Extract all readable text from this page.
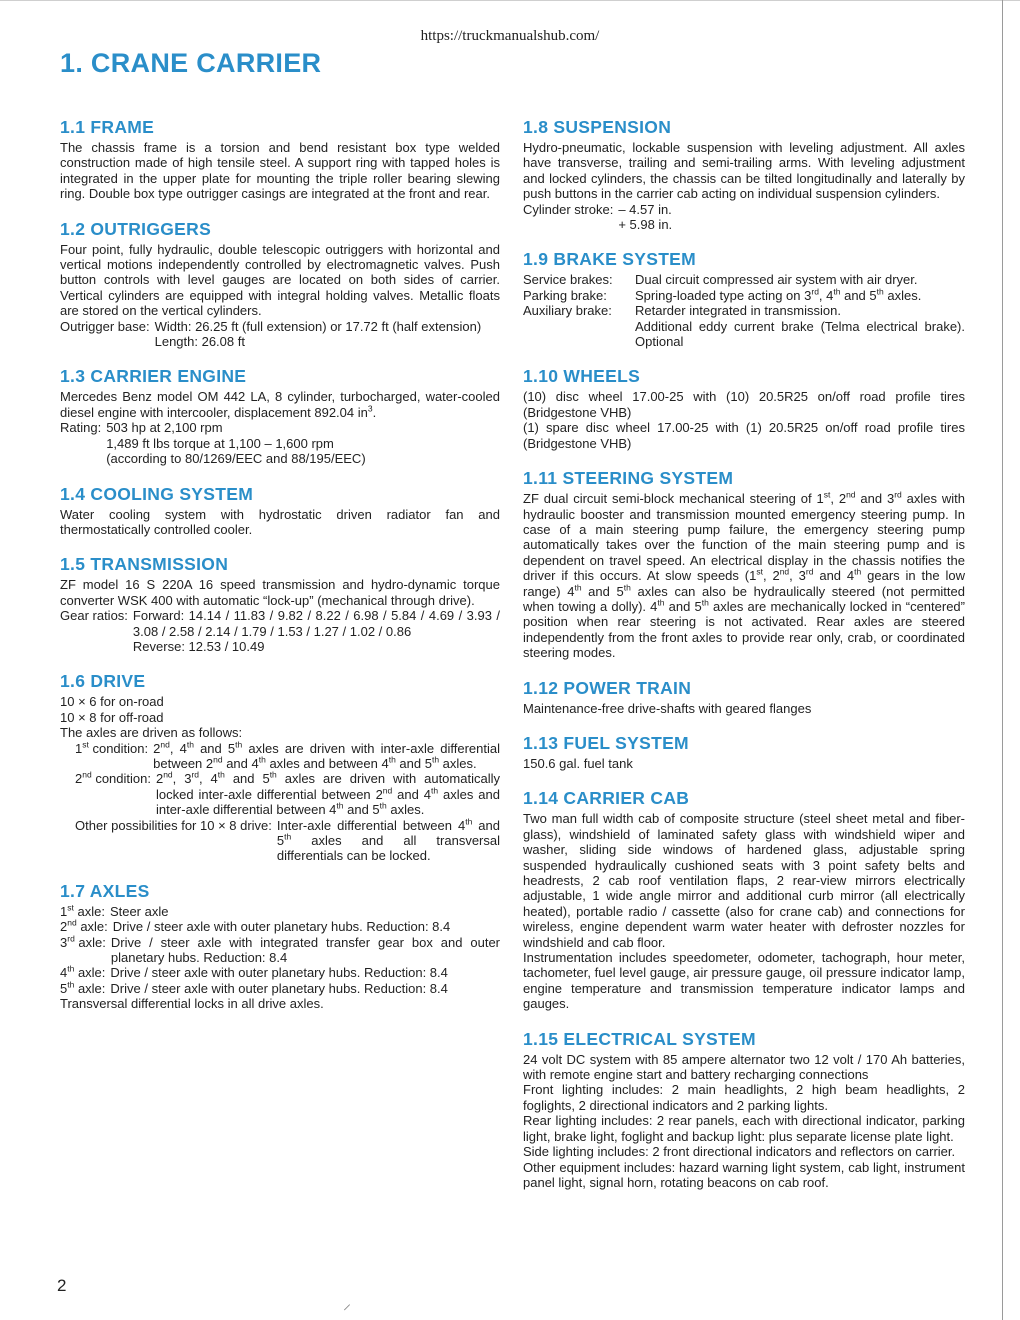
https://truckmanualshub.com/
1. CRANE CARRIER
1.1 FRAME

The chassis frame is a torsion and bend resistant box type welded construction made of high tensile steel. A support ring with tapped holes is integrated in the upper plate for mounting the triple roller bearing slewing ring. Double box type outrigger casings are integrated at the front and rear.

1.2 OUTRIGGERS

Four point, fully hydraulic, double telescopic outriggers with horizontal and vertical motions independently controlled by electromagnetic valves. Push button controls with level gauges are located on both sides of carrier. Vertical cylinders are equipped with integral holding valves. Metallic floats are stored on the vertical cylinders.

Outrigger base: Width: 26.25 ft (full extension) or 17.72 ft (half extension)
Length: 26.08 ft
1.3 CARRIER ENGINE

Mercedes Benz model OM 442 LA, 8 cylinder, turbocharged, water-cooled diesel engine with intercooler, displacement 892.04 $in^3$.

Rating: 503 hp at 2,100 rpm
1,489 ft lbs torque at 1,100 – 1,600 rpm
(according to 80/1269/EEC and 88/195/EEC)
1.4 COOLING SYSTEM

Water cooling system with hydrostatic driven radiator fan and thermostatically controlled cooler.

1.5 TRANSMISSION

ZF model 16 S 220A 16 speed transmission and hydro-dynamic torque converter WSK 400 with automatic “lock-up” (mechanical through drive).

Gear ratios: Forward: 14.14 / 11.83 / 9.82 / 8.22 / 6.98 / 5.84 / 4.69 / 3.93 / 3.08 / 2.58 / 2.14 / 1.79 / 1.53 / 1.27 / 1.02 / 0.86
Reverse: 12.53 / 10.49
1.6 DRIVE
10 × 6 for on-road
10 × 8 for off-road
The axles are driven as follows:
1st condition: 2nd, 4th and 5th axles are driven with inter-axle differential between 2nd and 4th axles and between 4th and 5th axles.
2nd condition: 2nd, 3rd, 4th and 5th axles are driven with automatically locked inter-axle differential between 2nd and 4th axles and inter-axle differential between 4th and 5th axles.
Other possibilities for 10 × 8 drive: Inter-axle differential between 4th and 5th axles and all transversal differentials can be locked.
1.7 AXLES
1st axle: Steer axle
2nd axle: Drive / steer axle with outer planetary hubs. Reduction: 8.4
3rd axle: Drive / steer axle with integrated transfer gear box and outer planetary hubs. Reduction: 8.4
4th axle: Drive / steer axle with outer planetary hubs. Reduction: 8.4
5th axle: Drive / steer axle with outer planetary hubs. Reduction: 8.4

Transversal differential locks in all drive axles.

1.8 SUSPENSION

Hydro-pneumatic, lockable suspension with leveling adjustment. All axles have transverse, trailing and semi-trailing arms. With leveling adjustment and locked cylinders, the chassis can be tilted longitudinally and laterally by push buttons in the carrier cab acting on individual suspension cylinders.

Cylinder stroke: – 4.57 in.
+ 5.98 in.
1.9 BRAKE SYSTEM
Service brakes:	Dual circuit compressed air system with air dryer.
Parking brake:	Spring-loaded type acting on 3rd, 4th and 5th axles.
Auxiliary brake:	Retarder integrated in transmission.
Additional eddy current brake (Telma electrical brake). Optional
1.10 WHEELS

(10) disc wheel 17.00-25 with (10) 20.5R25 on/off road profile tires (Bridgestone VHB)

(1) spare disc wheel 17.00-25 with (1) 20.5R25 on/off road profile tires (Bridgestone VHB)

1.11 STEERING SYSTEM

ZF dual circuit semi-block mechanical steering of 1st, 2nd and 3rd axles with hydraulic booster and transmission mounted emergency steering pump. In case of a main steering pump failure, the emergency steering pump automatically takes over the function of the main steering pump and is dependent on travel speed. An electrical display in the chassis notifies the driver if this occurs. At slow speeds (1st, 2nd, 3rd and 4th gears in the low range) 4th and 5th axles can also be hydraulically steered (not permitted when towing a dolly). 4th and 5th axles are mechanically locked in “centered” position when rear steering is not activated. Rear axles are steered independently from the front axles to provide rear only, crab, or coordinated steering modes.

1.12 POWER TRAIN

Maintenance-free drive-shafts with geared flanges

1.13 FUEL SYSTEM

150.6 gal. fuel tank

1.14 CARRIER CAB

Two man full width cab of composite structure (steel sheet metal and fiber-glass), windshield of laminated safety glass with windshield wiper and washer, sliding side windows of hardened glass, adjustable spring suspended hydraulically cushioned seats with 3 point safety belts and headrests, 2 cab roof ventilation flaps, 2 rear-view mirrors electrically adjustable, 1 wide angle mirror and additional curb mirror (all electrically heated), portable radio / cassette (also for crane cab) and connections for wireless, engine dependent warm water heater with defroster nozzles for windshield and cab floor.

Instrumentation includes speedometer, odometer, tachograph, hour meter, tachometer, fuel level gauge, air pressure gauge, oil pressure indicator lamp, engine temperature and transmission temperature indicator lamps and gauges.

1.15 ELECTRICAL SYSTEM

24 volt DC system with 85 ampere alternator two 12 volt / 170 Ah batteries, with remote engine start and battery recharging connections

Front lighting includes: 2 main headlights, 2 high beam headlights, 2 foglights, 2 directional indicators and 2 parking lights.

Rear lighting includes: 2 rear panels, each with directional indicator, parking light, brake light, foglight and backup light: plus separate license plate light.

Side lighting includes: 2 front directional indicators and reflectors on carrier.

Other equipment includes: hazard warning light system, cab light, instrument panel light, signal horn, rotating beacons on cab roof.

2
⸝
